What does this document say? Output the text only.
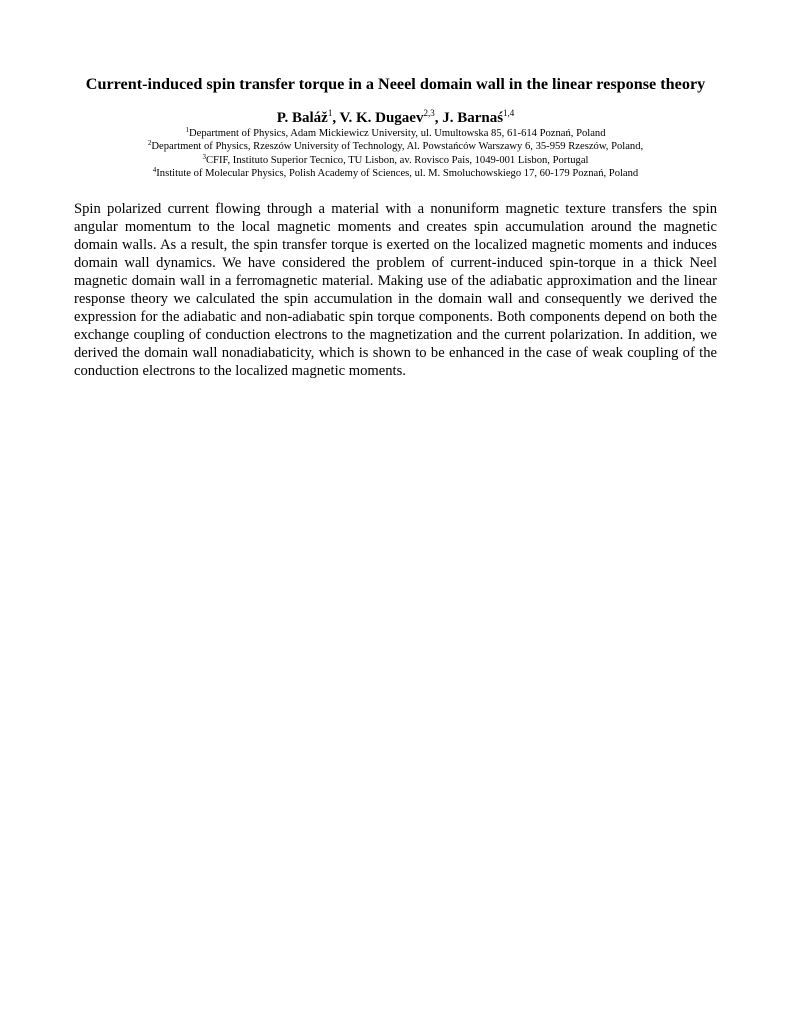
Current-induced spin transfer torque in a Neeel domain wall in the linear response theory
P. Baláž$^1$, V. K. Dugaev$^{2,3}$, J. Barnaś$^{1,4}$
$^1$Department of Physics, Adam Mickiewicz University, ul. Umultowska 85, 61-614 Poznań, Poland
$^2$Department of Physics, Rzeszów University of Technology, Al. Powstańców Warszawy 6, 35-959 Rzeszów, Poland,
$^3$CFIF, Instituto Superior Tecnico, TU Lisbon, av. Rovisco Pais, 1049-001 Lisbon, Portugal
$^4$Institute of Molecular Physics, Polish Academy of Sciences, ul. M. Smoluchowskiego 17, 60-179 Poznań, Poland

Spin polarized current flowing through a material with a nonuniform magnetic texture transfers the spin angular momentum to the local magnetic moments and creates spin accumulation around the magnetic domain walls. As a result, the spin transfer torque is exerted on the localized magnetic moments and induces domain wall dynamics. We have considered the problem of current-induced spin-torque in a thick Neel magnetic domain wall in a ferromagnetic material. Making use of the adiabatic approximation and the linear response theory we calculated the spin accumulation in the domain wall and consequently we derived the expression for the adiabatic and non-adiabatic spin torque components. Both components depend on both the exchange coupling of conduction electrons to the magnetization and the current polarization. In addition, we derived the domain wall nonadiabaticity, which is shown to be enhanced in the case of weak coupling of the conduction electrons to the localized magnetic moments.
